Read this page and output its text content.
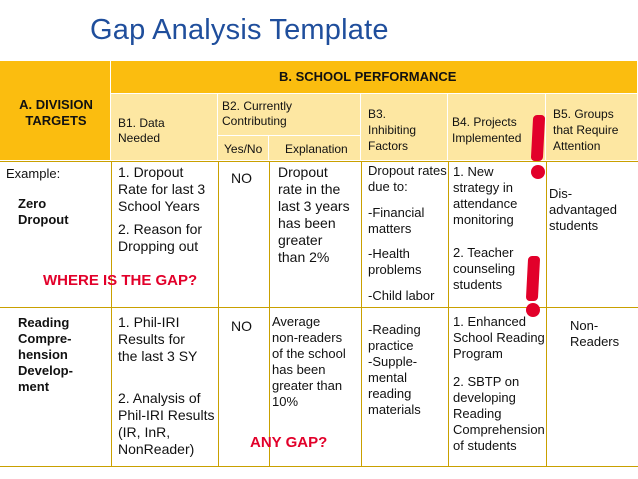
Gap Analysis Template
A. DIVISION
TARGETS
B. SCHOOL PERFORMANCE
B1. Data
Needed
B2. Currently
Contributing
Yes/No Explanation
B3.
Inhibiting
Factors
B4. Projects
Implemented
B5. Groups
that Require
Attention
Example:
Zero
Dropout
1. Dropout
Rate for last 3
School Years
2. Reason for
Dropping out
NO Dropout
rate in the
last 3 years
has been
greater
than 2%
Dropout rates
due to:
-Financial
matters
-Health
problems
-Child labor
1. New
strategy in
attendance
monitoring
2. Teacher
counseling
students
Dis-
advantaged
students
WHERE IS THE GAP?
Reading
Compre-
hension
Develop-
ment
1. Phil-IRI
Results for
the last 3 SY
2. Analysis of
Phil-IRI Results
(IR, InR,
NonReader)
NO Average
non-readers
of the school
has been
greater than
10%
-Reading
practice
-Supple-
mental
reading
materials
1. Enhanced
School Reading
Program
2. SBTP on
developing
Reading
Comprehension
of students
Non-
Readers
ANY GAP?
